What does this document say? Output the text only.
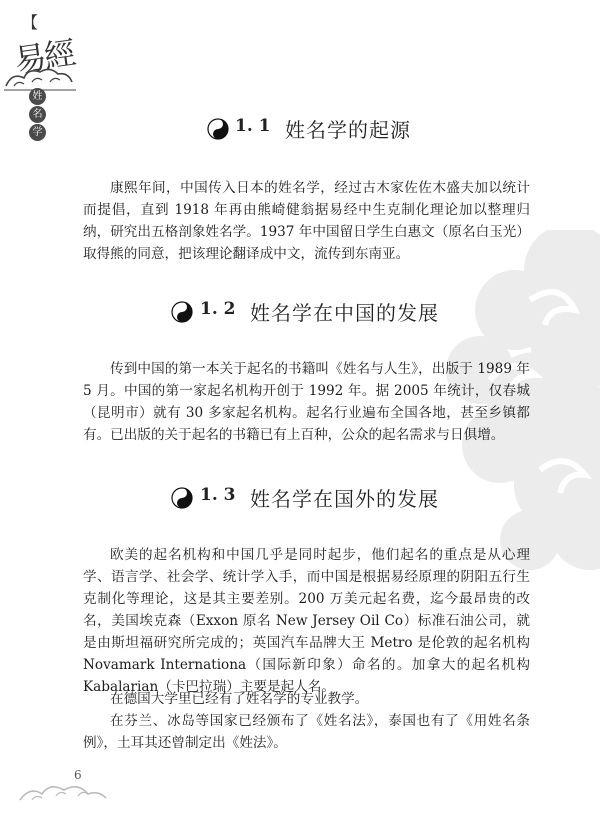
【
易經
姓
名
学	1. 1 姓名学的起源

康熙年间，中国传入日本的姓名学，经过古木家佐佐木盛夫加以统计而提倡，直到 1918 年再由熊崎健翁据易经中生克制化理论加以整理归纳，研究出五格剖象姓名学。1937 年中国留日学生白惠文（原名白玉光）取得熊的同意，把该理论翻译成中文，流传到东南亚。

1. 2 姓名学在中国的发展

传到中国的第一本关于起名的书籍叫《姓名与人生》，出版于 1989 年 5 月。中国的第一家起名机构开创于 1992 年。据 2005 年统计，仅春城（昆明市）就有 30 多家起名机构。起名行业遍布全国各地，甚至乡镇都有。已出版的关于起名的书籍已有上百种，公众的起名需求与日俱增。

1. 3 姓名学在国外的发展

欧美的起名机构和中国几乎是同时起步，他们起名的重点是从心理学、语言学、社会学、统计学入手，而中国是根据易经原理的阴阳五行生克制化等理论，这是其主要差别。200 万美元起名费，迄今最昂贵的改名，美国埃克森（Exxon 原名 New Jersey Oil Co）标准石油公司，就是由斯坦福研究所完成的；英国汽车品牌大王 Metro 是伦敦的起名机构 Novamark Internationa（国际新印象）命名的。加拿大的起名机构 Kabalarian（卡巴拉瑞）主要是起人名。

在德国大学里已经有了姓名学的专业教学。

在芬兰、冰岛等国家已经颁布了《姓名法》，泰国也有了《用姓名条例》，土耳其还曾制定出《姓法》。

6
